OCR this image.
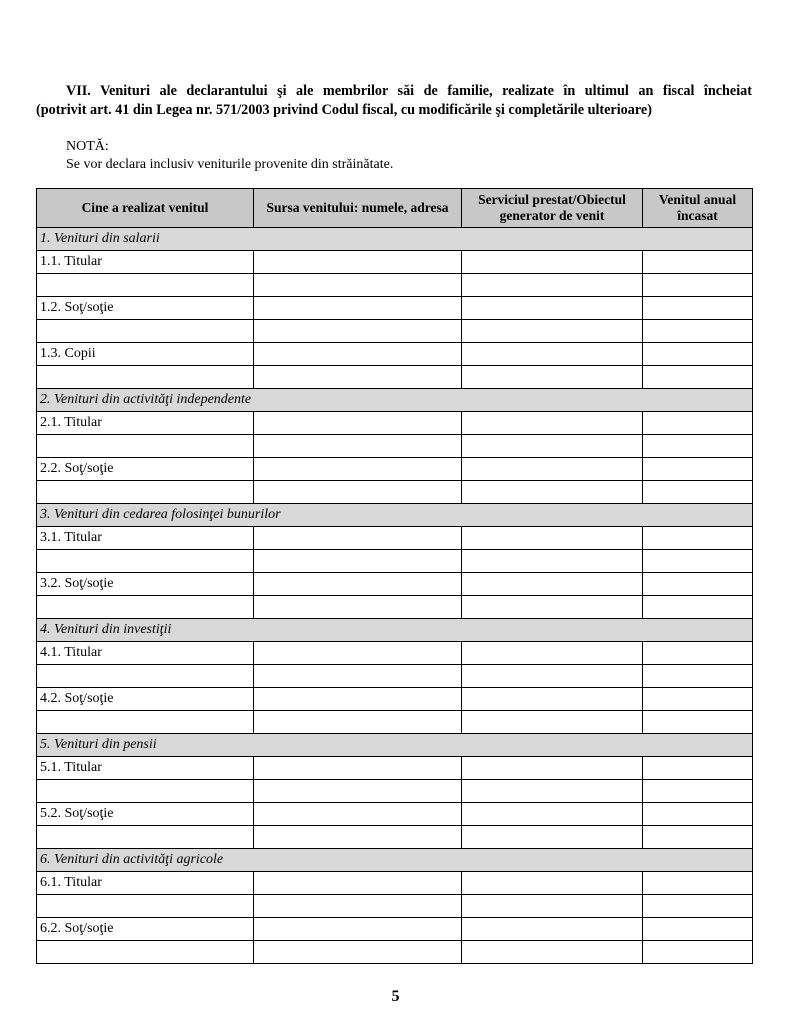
VII. Venituri ale declarantului şi ale membrilor săi de familie, realizate în ultimul an fiscal încheiat
(potrivit art. 41 din Legea nr. 571/2003 privind Codul fiscal, cu modificările şi completările ulterioare)
NOTĂ:
Se vor declara inclusiv veniturile provenite din străinătate.
Cine a realizat venitul	Sursa venitului: numele, adresa	Serviciul prestat/Obiectul generator de venit	Venitul anual încasat
1. Venituri din salarii			
1.1. Titular			

1.2. Soţ/soţie			

1.3. Copii			

2. Venituri din activităţi independente			
2.1. Titular			

2.2. Soţ/soţie			

3. Venituri din cedarea folosinţei bunurilor			
3.1. Titular			

3.2. Soţ/soţie			

4. Venituri din investiţii			
4.1. Titular			

4.2. Soţ/soţie			

5. Venituri din pensii			
5.1. Titular			

5.2. Soţ/soţie			

6. Venituri din activităţi agricole			
6.1. Titular			

6.2. Soţ/soţie			

5
